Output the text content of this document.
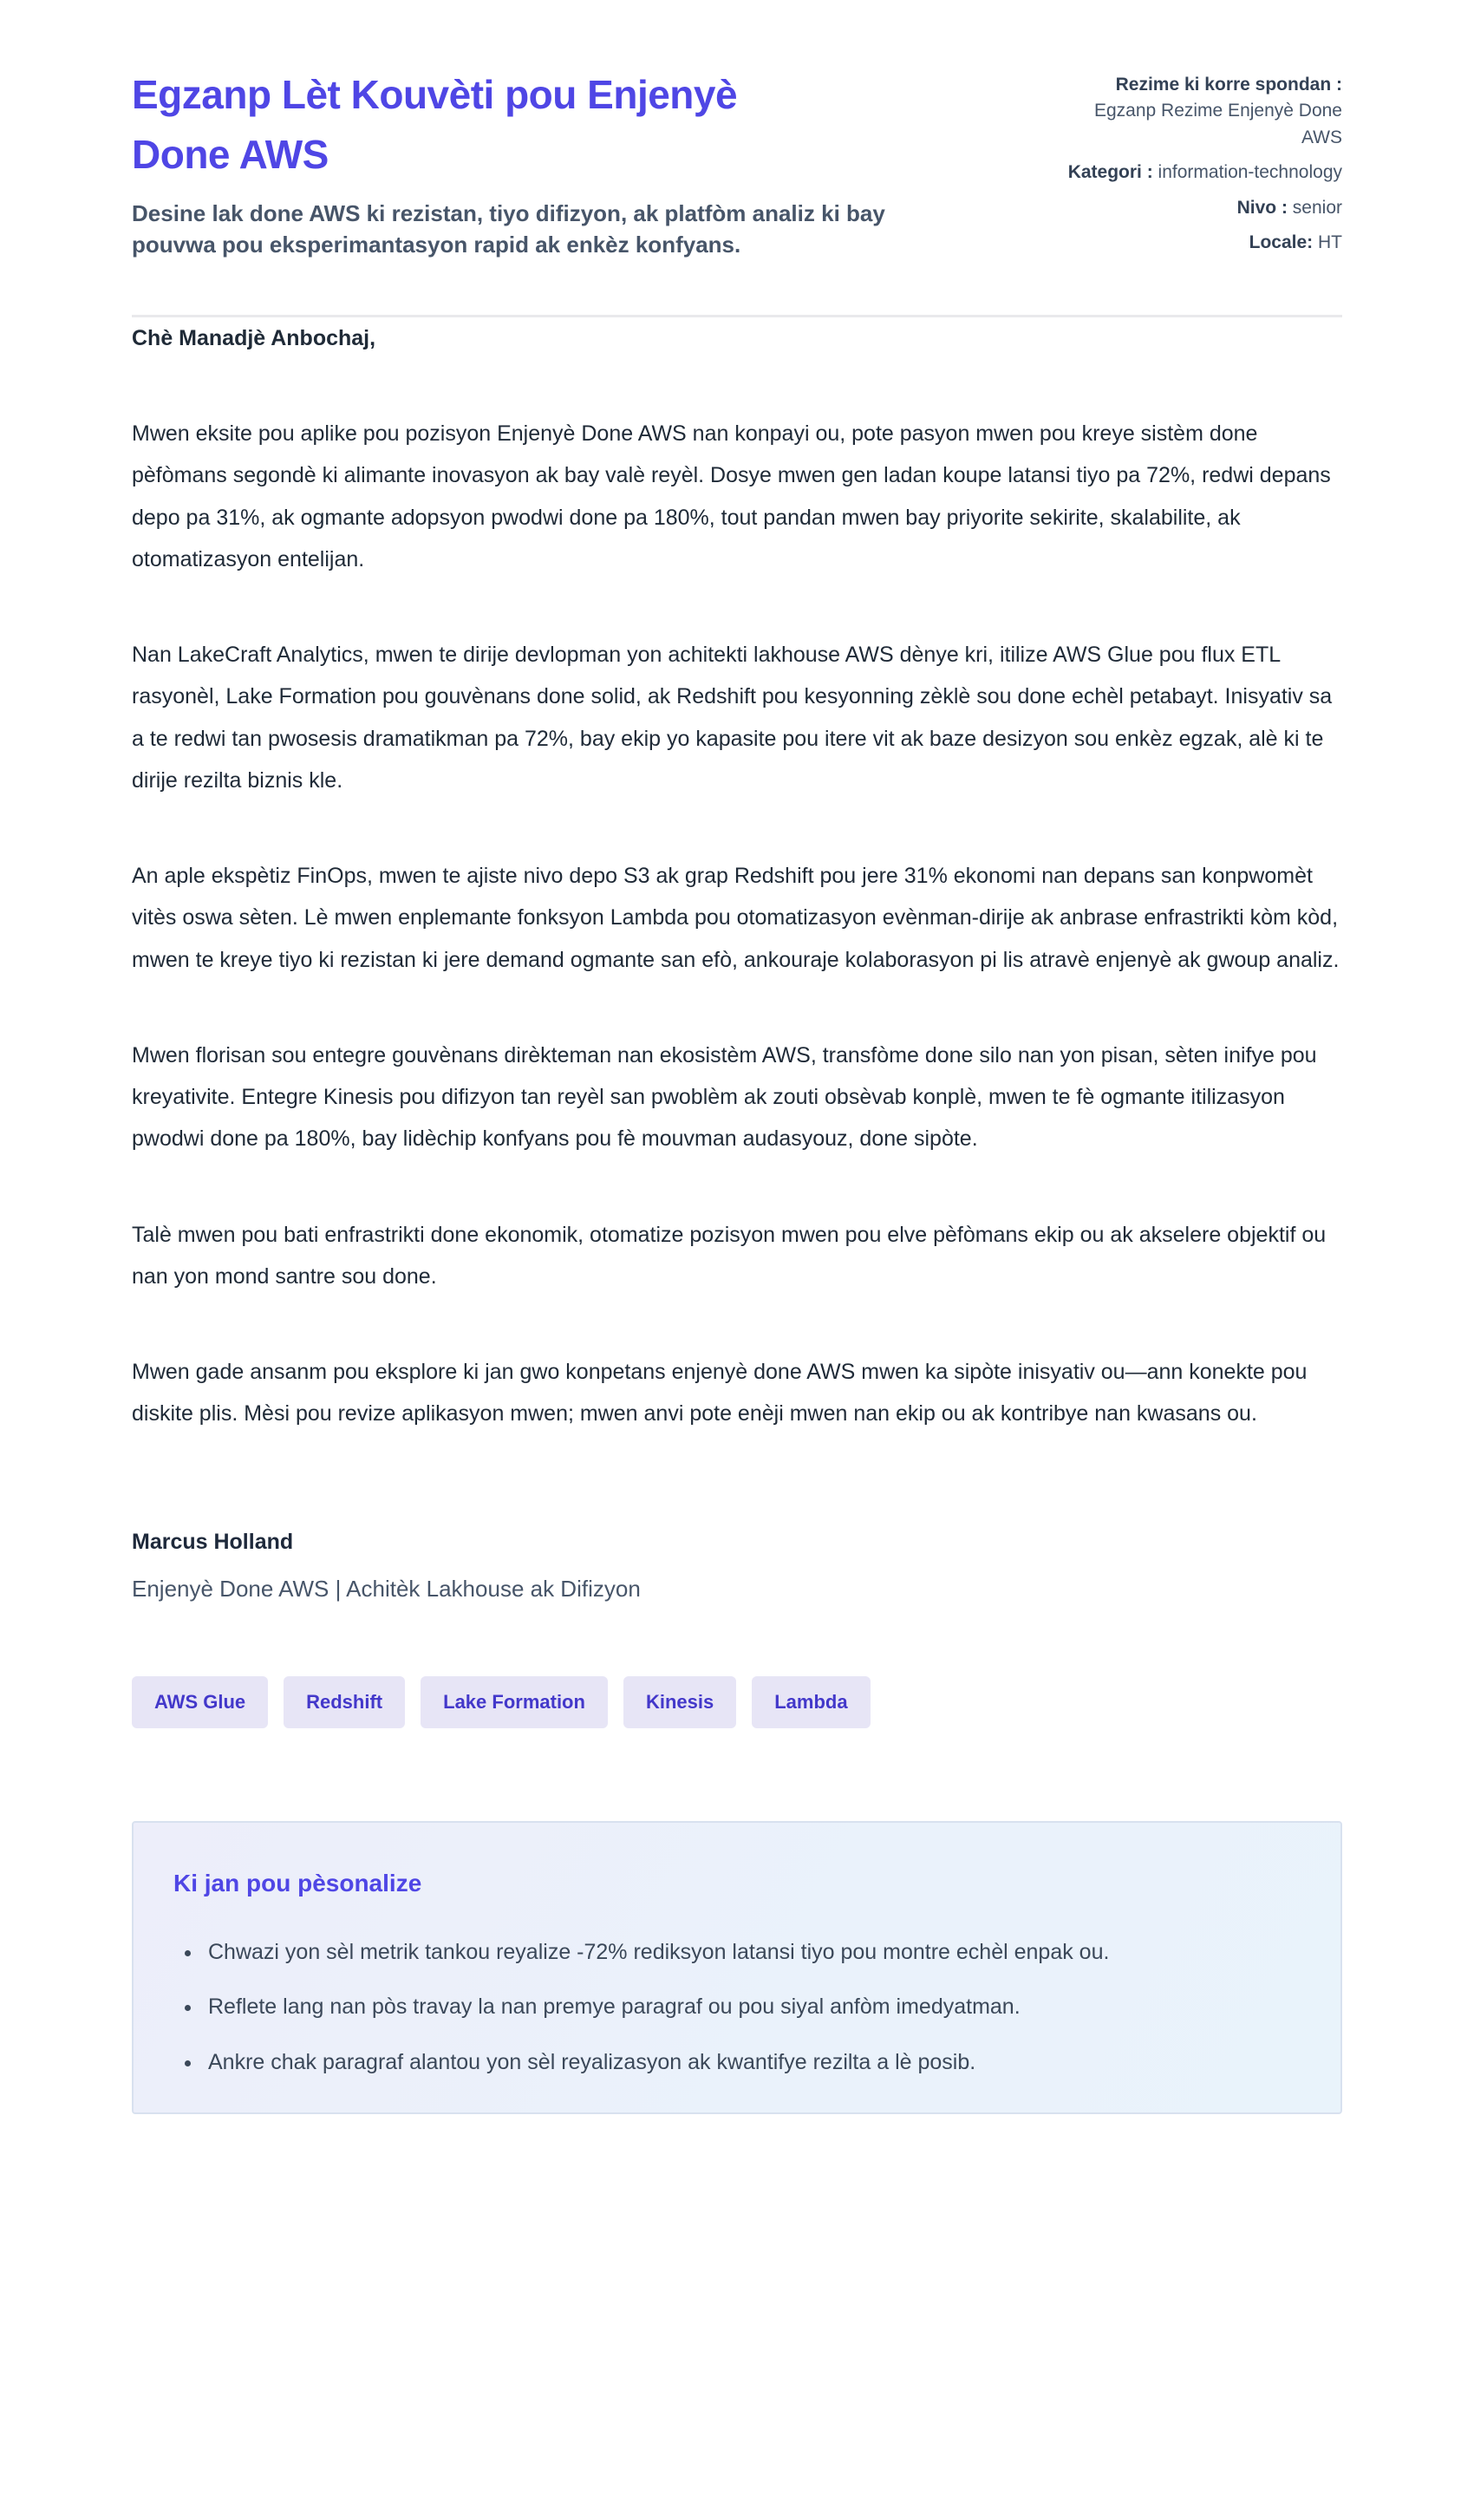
Egzanp Lèt Kouvèti pou Enjenyè Done AWS

Desine lak done AWS ki rezistan, tiyo difizyon, ak platfòm analiz ki bay pouvwa pou eksperimantasyon rapid ak enkèz konfyans.

Rezime ki korre spondan : Egzanp Rezime Enjenyè Done AWS
Kategori : information-technology
Nivo : senior
Locale: HT

Chè Manadjè Anbochaj,

Mwen eksite pou aplike pou pozisyon Enjenyè Done AWS nan konpayi ou, pote pasyon mwen pou kreye sistèm done pèfòmans segondè ki alimante inovasyon ak bay valè reyèl. Dosye mwen gen ladan koupe latansi tiyo pa 72%, redwi depans depo pa 31%, ak ogmante adopsyon pwodwi done pa 180%, tout pandan mwen bay priyorite sekirite, skalabilite, ak otomatizasyon entelijan.

Nan LakeCraft Analytics, mwen te dirije devlopman yon achitekti lakhouse AWS dènye kri, itilize AWS Glue pou flux ETL rasyonèl, Lake Formation pou gouvènans done solid, ak Redshift pou kesyonning zèklè sou done echèl petabayt. Inisyativ sa a te redwi tan pwosesis dramatikman pa 72%, bay ekip yo kapasite pou itere vit ak baze desizyon sou enkèz egzak, alè ki te dirije rezilta biznis kle.

An aple ekspètiz FinOps, mwen te ajiste nivo depo S3 ak grap Redshift pou jere 31% ekonomi nan depans san konpwomèt vitès oswa sèten. Lè mwen enplemante fonksyon Lambda pou otomatizasyon evènman-dirije ak anbrase enfrastrikti kòm kòd, mwen te kreye tiyo ki rezistan ki jere demand ogmante san efò, ankouraje kolaborasyon pi lis atravè enjenyè ak gwoup analiz.

Mwen florisan sou entegre gouvènans dirèkteman nan ekosistèm AWS, transfòme done silo nan yon pisan, sèten inifye pou kreyativite. Entegre Kinesis pou difizyon tan reyèl san pwoblèm ak zouti obsèvab konplè, mwen te fè ogmante itilizasyon pwodwi done pa 180%, bay lidèchip konfyans pou fè mouvman audasyouz, done sipòte.

Talè mwen pou bati enfrastrikti done ekonomik, otomatize pozisyon mwen pou elve pèfòmans ekip ou ak akselere objektif ou nan yon mond santre sou done.

Mwen gade ansanm pou eksplore ki jan gwo konpetans enjenyè done AWS mwen ka sipòte inisyativ ou—ann konekte pou diskite plis. Mèsi pou revize aplikasyon mwen; mwen anvi pote enèji mwen nan ekip ou ak kontribye nan kwasans ou.

Marcus Holland

Enjenyè Done AWS | Achitèk Lakhouse ak Difizyon

AWS Glue	Redshift	Lake Formation	Kinesis	Lambda
Ki jan pou pèsonalize
• Chwazi yon sèl metrik tankou reyalize -72% rediksyon latansi tiyo pou montre echèl enpak ou.
• Reflete lang nan pòs travay la nan premye paragraf ou pou siyal anfòm imedyatman.
• Ankre chak paragraf alantou yon sèl reyalizasyon ak kwantifye rezilta a lè posib.
